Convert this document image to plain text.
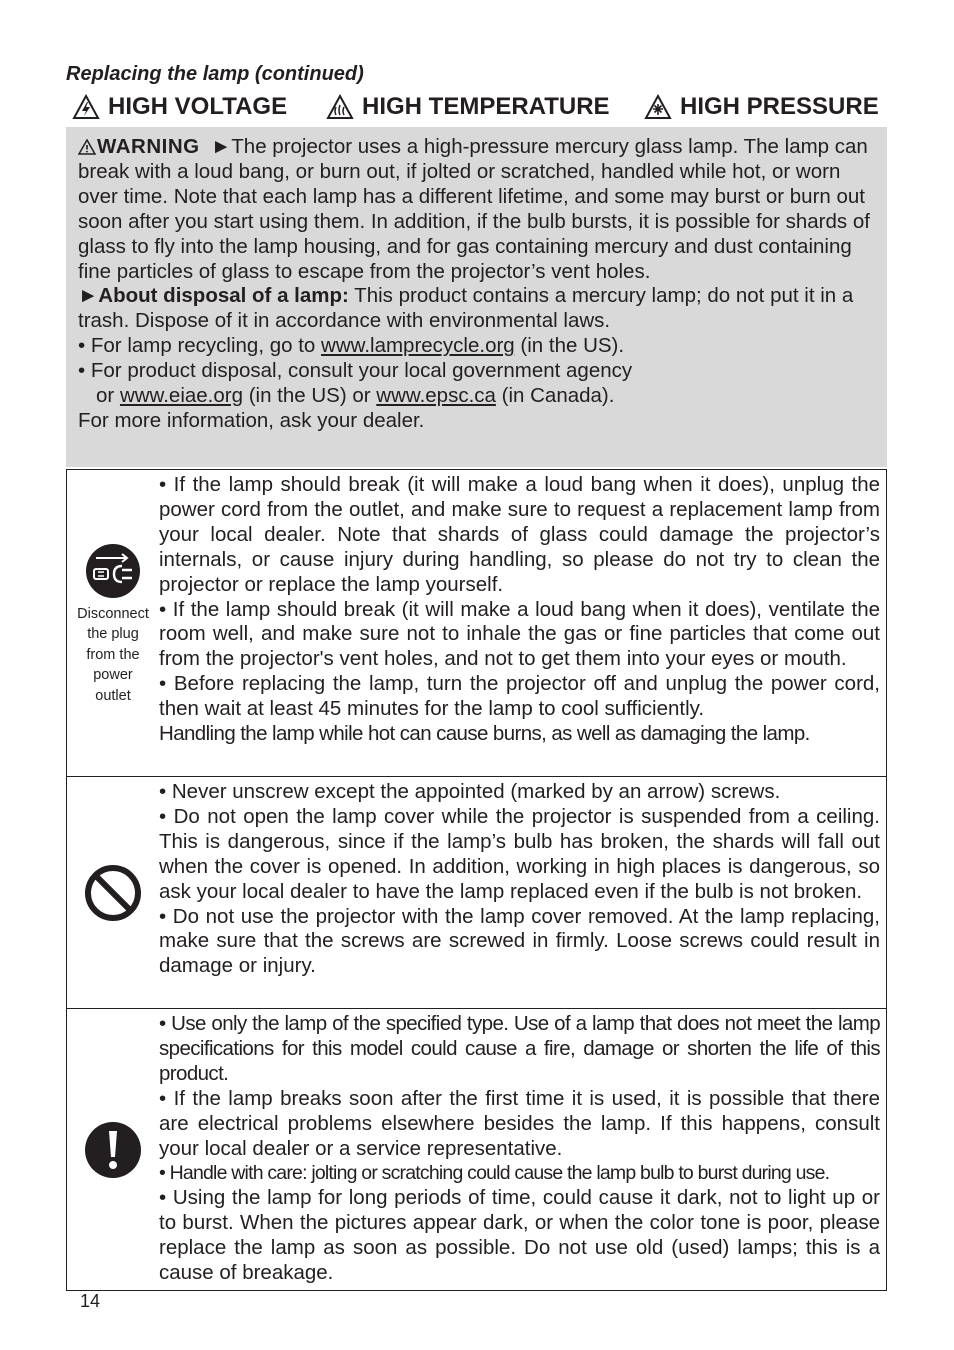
Replacing the lamp (continued)
HIGH VOLTAGE	HIGH TEMPERATURE	HIGH PRESSURE

WARNING ►The projector uses a high-pressure mercury glass lamp. The lamp can break with a loud bang, or burn out, if jolted or scratched, handled while hot, or worn over time. Note that each lamp has a different lifetime, and some may burst or burn out soon after you start using them. In addition, if the bulb bursts, it is possible for shards of glass to fly into the lamp housing, and for gas containing mercury and dust containing fine particles of glass to escape from the projector’s vent holes.

►About disposal of a lamp: This product contains a mercury lamp; do not put it in a trash. Dispose of it in accordance with environmental laws.

• For lamp recycling, go to www.lamprecycle.org (in the US).

• For product disposal, consult your local government agency

or www.eiae.org (in the US) or www.epsc.ca (in Canada).

For more information, ask your dealer.

Disconnect
the plug
from the
power
outlet

• If the lamp should break (it will make a loud bang when it does), unplug the power cord from the outlet, and make sure to request a replacement lamp from your local dealer. Note that shards of glass could damage the projector’s internals, or cause injury during handling, so please do not try to clean the projector or replace the lamp yourself.

• If the lamp should break (it will make a loud bang when it does), ventilate the room well, and make sure not to inhale the gas or fine particles that come out from the projector's vent holes, and not to get them into your eyes or mouth.

• Before replacing the lamp, turn the projector off and unplug the power cord, then wait at least 45 minutes for the lamp to cool sufficiently.

Handling the lamp while hot can cause burns, as well as damaging the lamp.

• Never unscrew except the appointed (marked by an arrow) screws.

• Do not open the lamp cover while the projector is suspended from a ceiling. This is dangerous, since if the lamp’s bulb has broken, the shards will fall out when the cover is opened. In addition, working in high places is dangerous, so ask your local dealer to have the lamp replaced even if the bulb is not broken.

• Do not use the projector with the lamp cover removed. At the lamp replacing, make sure that the screws are screwed in firmly. Loose screws could result in damage or injury.

• Use only the lamp of the specified type. Use of a lamp that does not meet the lamp specifications for this model could cause a fire, damage or shorten the life of this product.

• If the lamp breaks soon after the first time it is used, it is possible that there are electrical problems elsewhere besides the lamp. If this happens, consult your local dealer or a service representative.

• Handle with care: jolting or scratching could cause the lamp bulb to burst during use.

• Using the lamp for long periods of time, could cause it dark, not to light up or to burst. When the pictures appear dark, or when the color tone is poor, please replace the lamp as soon as possible. Do not use old (used) lamps; this is a cause of breakage.

14
